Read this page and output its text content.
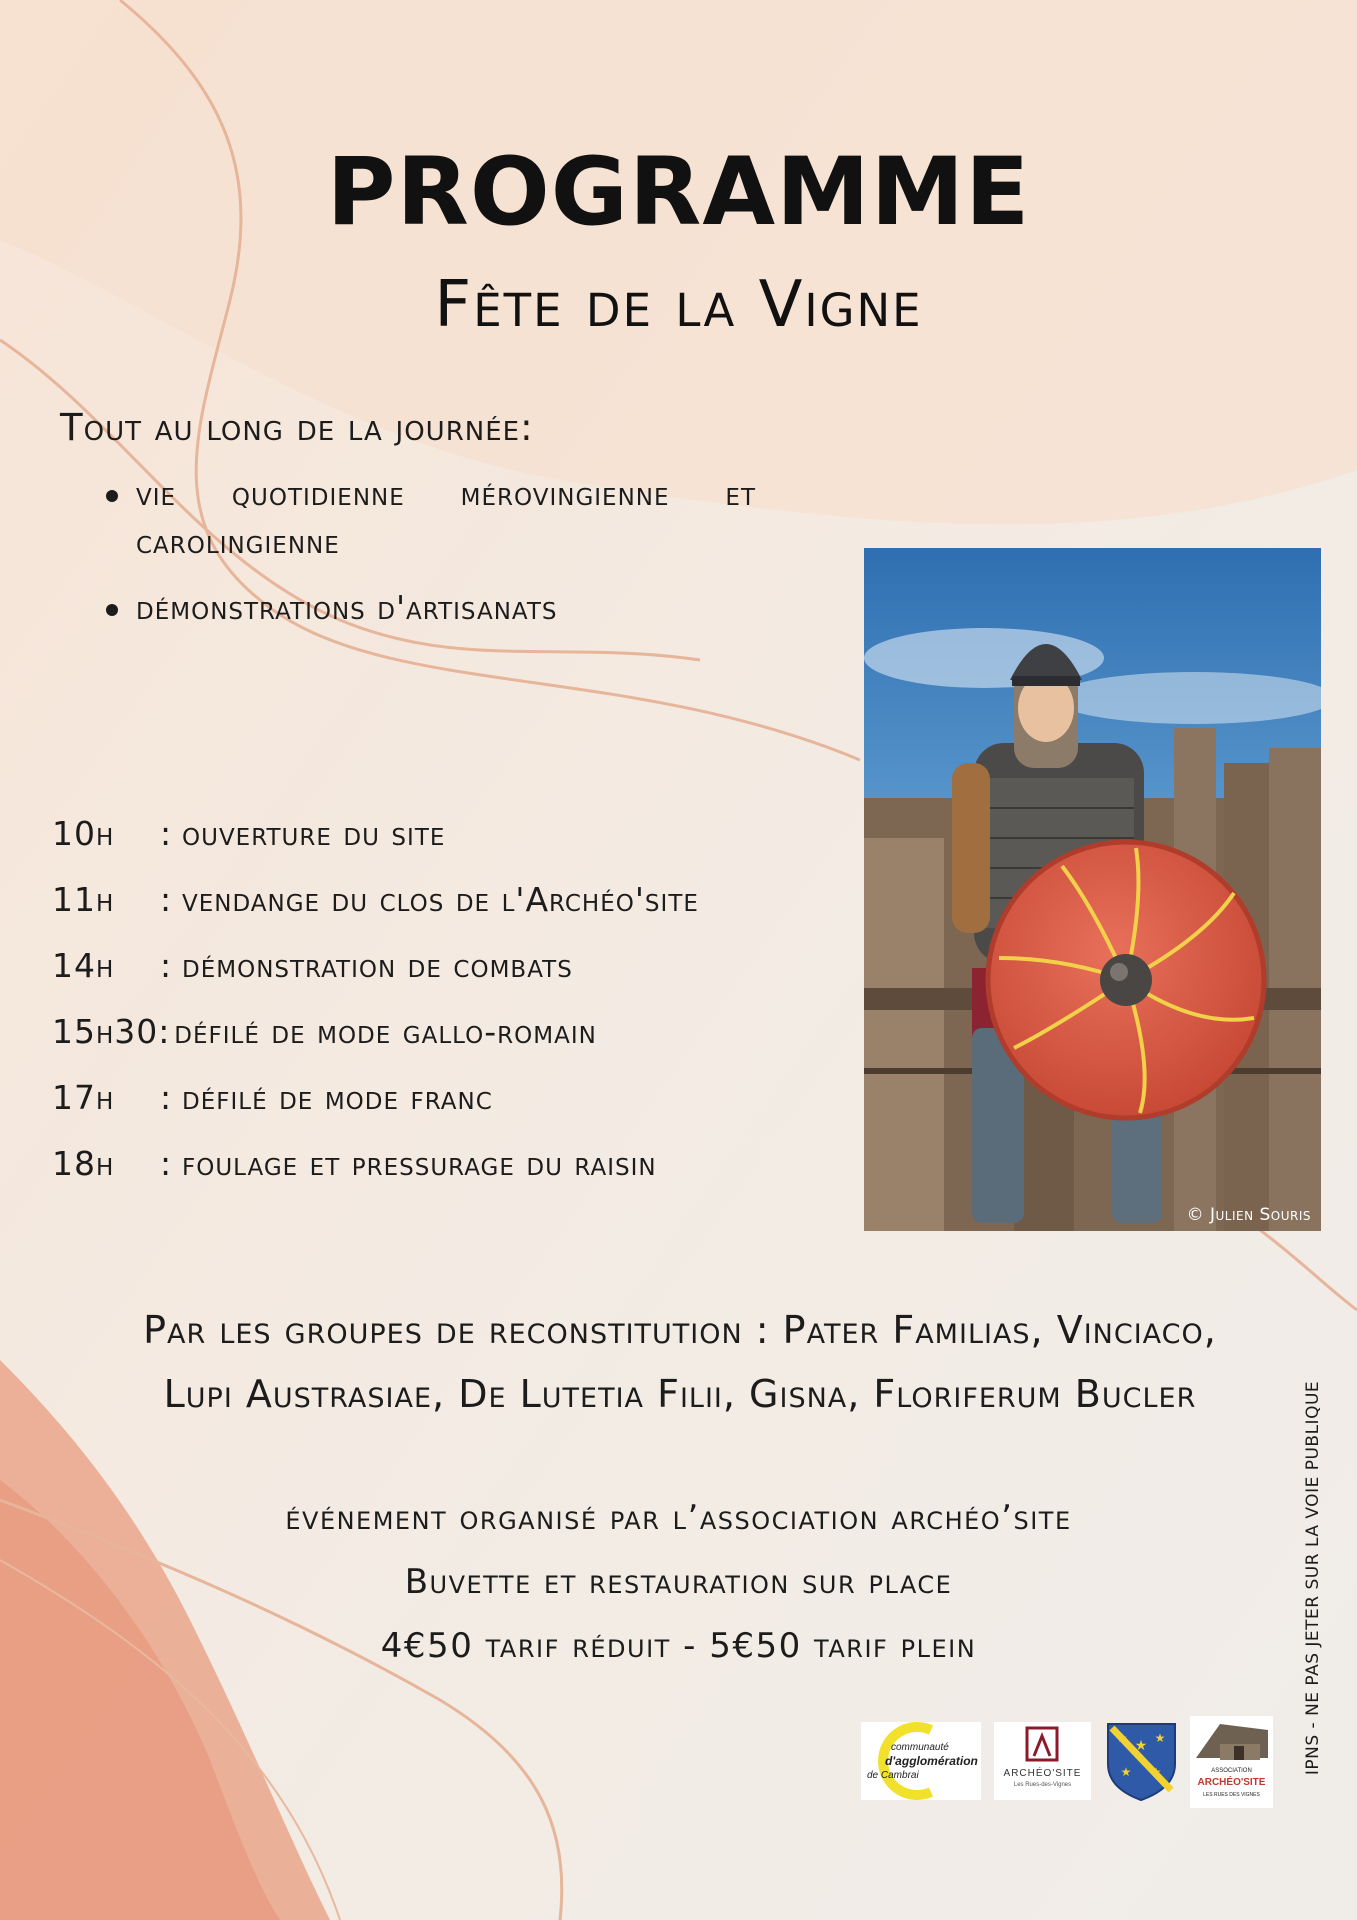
PROGRAMME
Fête de la Vigne
Tout au long de la journée:
vie quotidienne mérovingienne et carolingienne
démonstrations d'artisanats
10h	: ouverture du site
11h	: vendange du clos de l'Archéo'site
14h	: démonstration de combats
15h30 : défilé de mode gallo-romain
17h	: défilé de mode franc
18h	: foulage et pressurage du raisin
© Julien Souris
Par les groupes de reconstitution : Pater Familias, Vinciaco,
Lupi Austrasiae, De Lutetia Filii, Gisna, Floriferum Bucler
événement organisé par l’association archéo’site
Buvette et restauration sur place
4€50 tarif réduit - 5€50 tarif plein	IPNS - NE PAS JETER SUR LA VOIE PUBLIQUE
communauté
d'agglomération
de Cambrai	ARCHÉO'SITE
Les Rues-des-Vignes
★
★ ★
★ ★	ASSOCIATION
ARCHÉO'SITE
LES RUES DES VIGNES
